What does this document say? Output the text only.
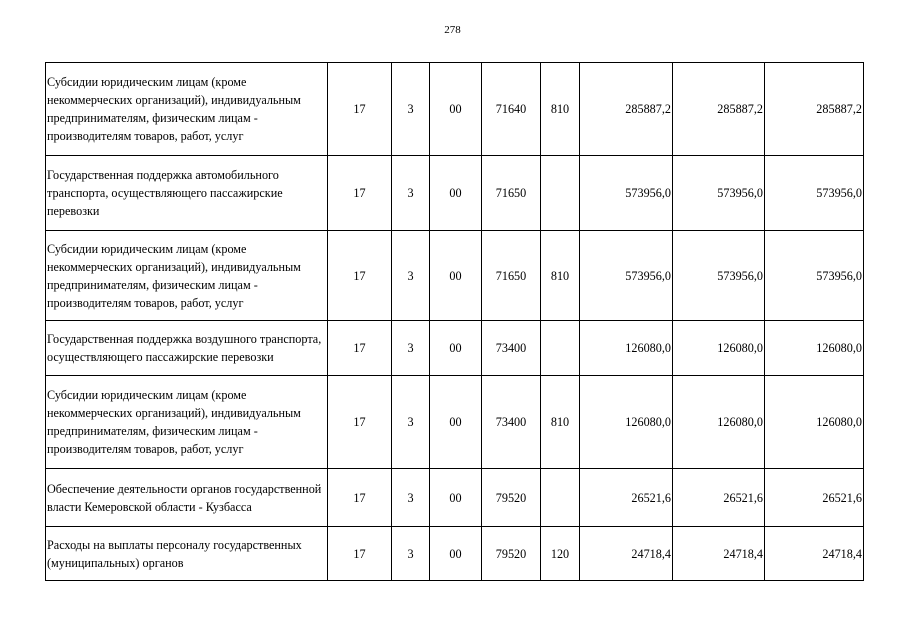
278
Субсидии юридическим лицам (кроме некоммерческих организаций), индивидуальным предпринимателям, физическим лицам - производителям товаров, работ, услуг	17	3	00	71640	810	285887,2	285887,2	285887,2
Государственная поддержка автомобильного транспорта, осуществляющего пассажирские перевозки	17	3	00	71650		573956,0	573956,0	573956,0
Субсидии юридическим лицам (кроме некоммерческих организаций), индивидуальным предпринимателям, физическим лицам - производителям товаров, работ, услуг	17	3	00	71650	810	573956,0	573956,0	573956,0
Государственная поддержка воздушного транспорта, осуществляющего пассажирские перевозки	17	3	00	73400		126080,0	126080,0	126080,0
Субсидии юридическим лицам (кроме некоммерческих организаций), индивидуальным предпринимателям, физическим лицам - производителям товаров, работ, услуг	17	3	00	73400	810	126080,0	126080,0	126080,0
Обеспечение деятельности органов государственной власти Кемеровской области - Кузбасса	17	3	00	79520		26521,6	26521,6	26521,6
Расходы на выплаты персоналу государственных (муниципальных) органов	17	3	00	79520	120	24718,4	24718,4	24718,4
